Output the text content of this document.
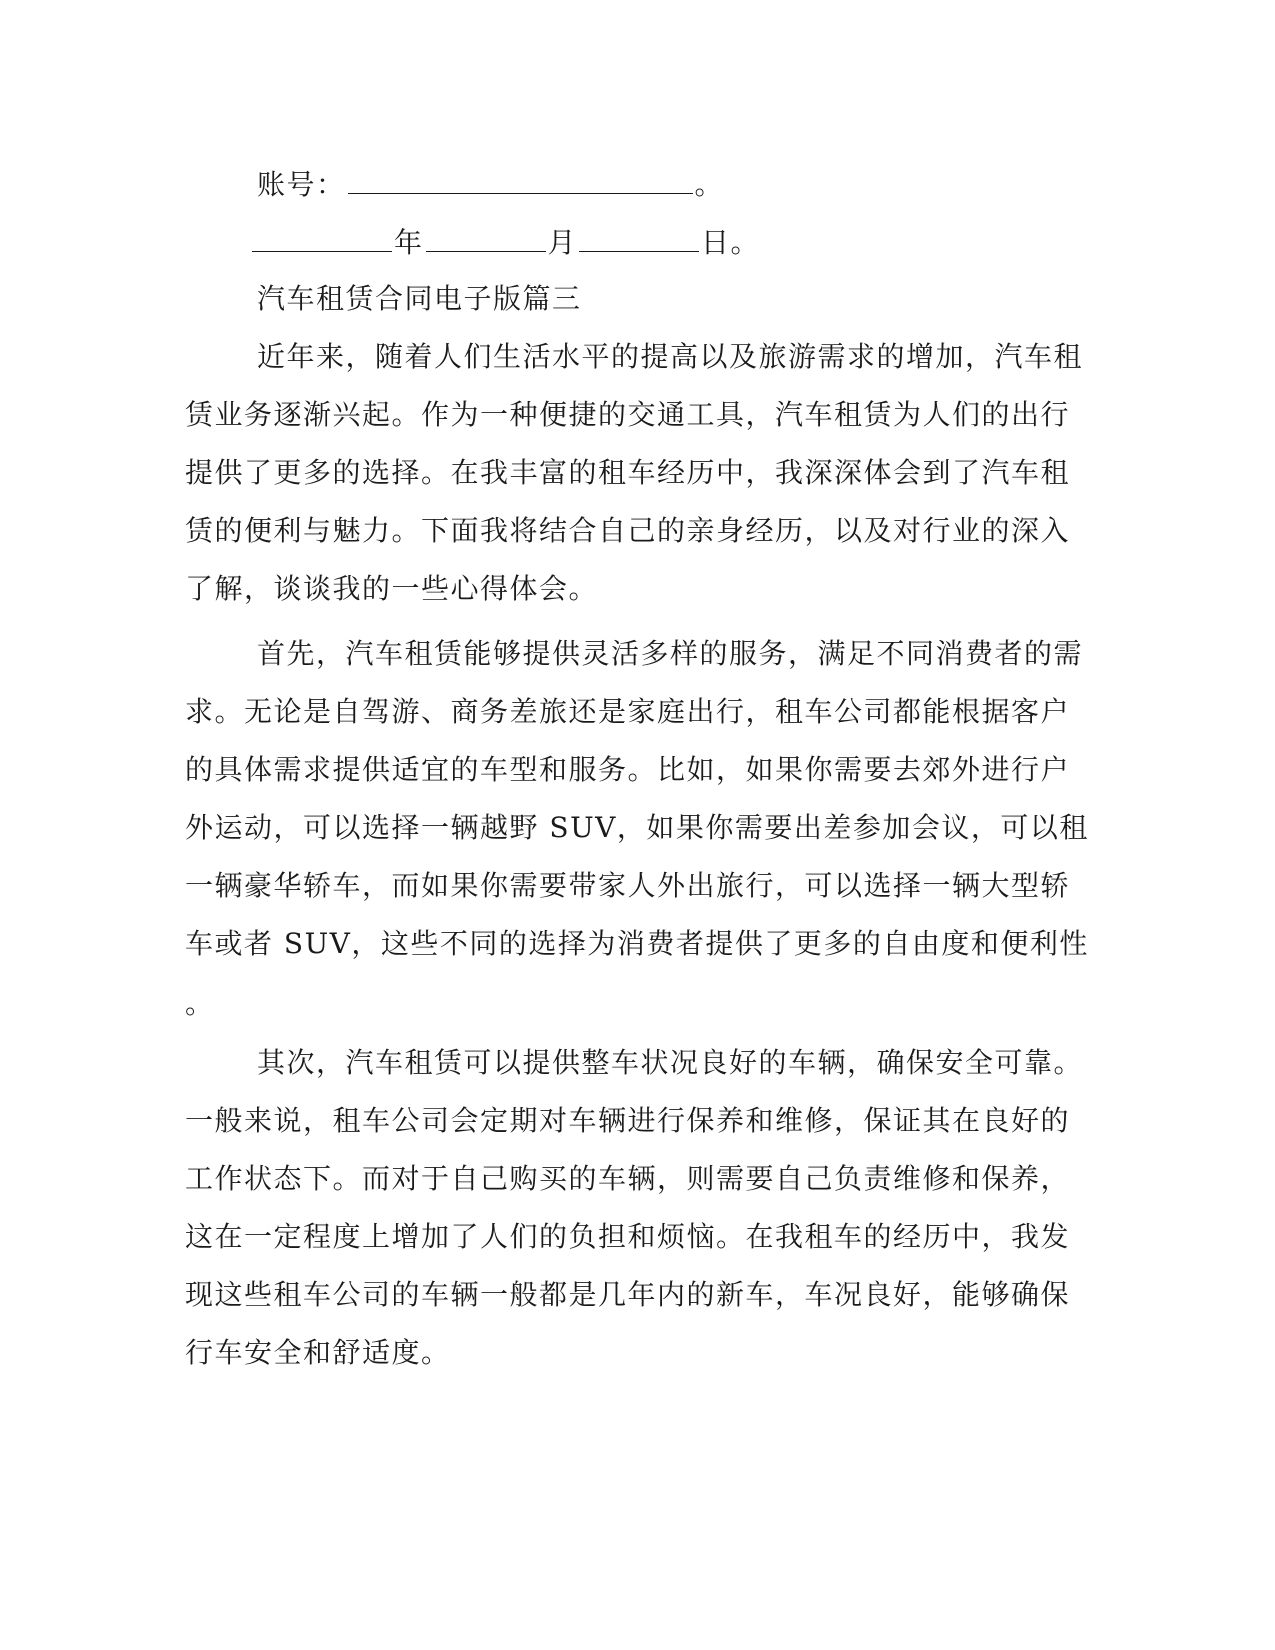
账号：	。
年	月	日。
汽车租赁合同电子版篇三
近年来，随着人们生活水平的提高以及旅游需求的增加，汽车租
赁业务逐渐兴起。作为一种便捷的交通工具，汽车租赁为人们的出行
提供了更多的选择。在我丰富的租车经历中，我深深体会到了汽车租
赁的便利与魅力。下面我将结合自己的亲身经历，以及对行业的深入
了解，谈谈我的一些心得体会。
首先，汽车租赁能够提供灵活多样的服务，满足不同消费者的需
求。无论是自驾游、商务差旅还是家庭出行，租车公司都能根据客户
的具体需求提供适宜的车型和服务。比如，如果你需要去郊外进行户
外运动，可以选择一辆越野 SUV，如果你需要出差参加会议，可以租
一辆豪华轿车，而如果你需要带家人外出旅行，可以选择一辆大型轿
车或者 SUV，这些不同的选择为消费者提供了更多的自由度和便利性
。
其次，汽车租赁可以提供整车状况良好的车辆，确保安全可靠。
一般来说，租车公司会定期对车辆进行保养和维修，保证其在良好的
工作状态下。而对于自己购买的车辆，则需要自己负责维修和保养，
这在一定程度上增加了人们的负担和烦恼。在我租车的经历中，我发
现这些租车公司的车辆一般都是几年内的新车，车况良好，能够确保
行车安全和舒适度。
